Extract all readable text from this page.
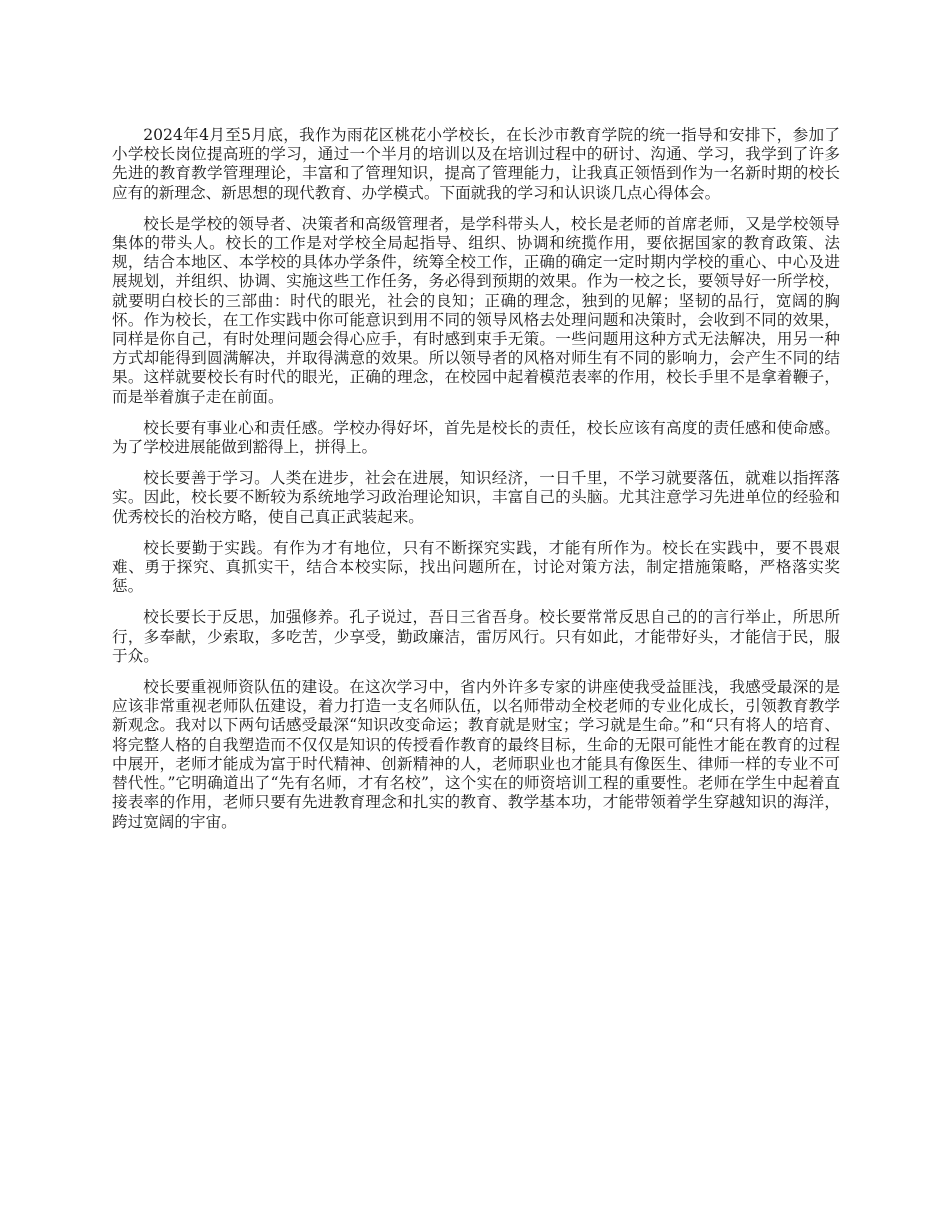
2024年4月至5月底，我作为雨花区桃花小学校长，在长沙市教育学院的统一指导和安排下，参加了小学校长岗位提高班的学习，通过一个半月的培训以及在培训过程中的研讨、沟通、学习，我学到了许多先进的教育教学管理理论，丰富和了管理知识，提高了管理能力，让我真正领悟到作为一名新时期的校长应有的新理念、新思想的现代教育、办学模式。下面就我的学习和认识谈几点心得体会。

校长是学校的领导者、决策者和高级管理者，是学科带头人，校长是老师的首席老师，又是学校领导集体的带头人。校长的工作是对学校全局起指导、组织、协调和统揽作用，要依据国家的教育政策、法规，结合本地区、本学校的具体办学条件，统筹全校工作，正确的确定一定时期内学校的重心、中心及进展规划，并组织、协调、实施这些工作任务，务必得到预期的效果。作为一校之长，要领导好一所学校，就要明白校长的三部曲：时代的眼光，社会的良知；正确的理念，独到的见解；坚韧的品行，宽阔的胸怀。作为校长，在工作实践中你可能意识到用不同的领导风格去处理问题和决策时，会收到不同的效果，同样是你自己，有时处理问题会得心应手，有时感到束手无策。一些问题用这种方式无法解决，用另一种方式却能得到圆满解决，并取得满意的效果。所以领导者的风格对师生有不同的影响力，会产生不同的结果。这样就要校长有时代的眼光，正确的理念，在校园中起着模范表率的作用，校长手里不是拿着鞭子，而是举着旗子走在前面。

校长要有事业心和责任感。学校办得好坏，首先是校长的责任，校长应该有高度的责任感和使命感。为了学校进展能做到豁得上，拼得上。

校长要善于学习。人类在进步，社会在进展，知识经济，一日千里，不学习就要落伍，就难以指挥落实。因此，校长要不断较为系统地学习政治理论知识，丰富自己的头脑。尤其注意学习先进单位的经验和优秀校长的治校方略，使自己真正武装起来。

校长要勤于实践。有作为才有地位，只有不断探究实践，才能有所作为。校长在实践中，要不畏艰难、勇于探究、真抓实干，结合本校实际，找出问题所在，讨论对策方法，制定措施策略，严格落实奖惩。

校长要长于反思，加强修养。孔子说过，吾日三省吾身。校长要常常反思自己的的言行举止，所思所行，多奉献，少索取，多吃苦，少享受，勤政廉洁，雷厉风行。只有如此，才能带好头，才能信于民，服于众。

校长要重视师资队伍的建设。在这次学习中，省内外许多专家的讲座使我受益匪浅，我感受最深的是应该非常重视老师队伍建设，着力打造一支名师队伍，以名师带动全校老师的专业化成长，引领教育教学新观念。我对以下两句话感受最深“知识改变命运；教育就是财宝；学习就是生命。”和“只有将人的培育、将完整人格的自我塑造而不仅仅是知识的传授看作教育的最终目标，生命的无限可能性才能在教育的过程中展开，老师才能成为富于时代精神、创新精神的人，老师职业也才能具有像医生、律师一样的专业不可替代性。”它明确道出了“先有名师，才有名校”，这个实在的师资培训工程的重要性。老师在学生中起着直接表率的作用，老师只要有先进教育理念和扎实的教育、教学基本功，才能带领着学生穿越知识的海洋，跨过宽阔的宇宙。
